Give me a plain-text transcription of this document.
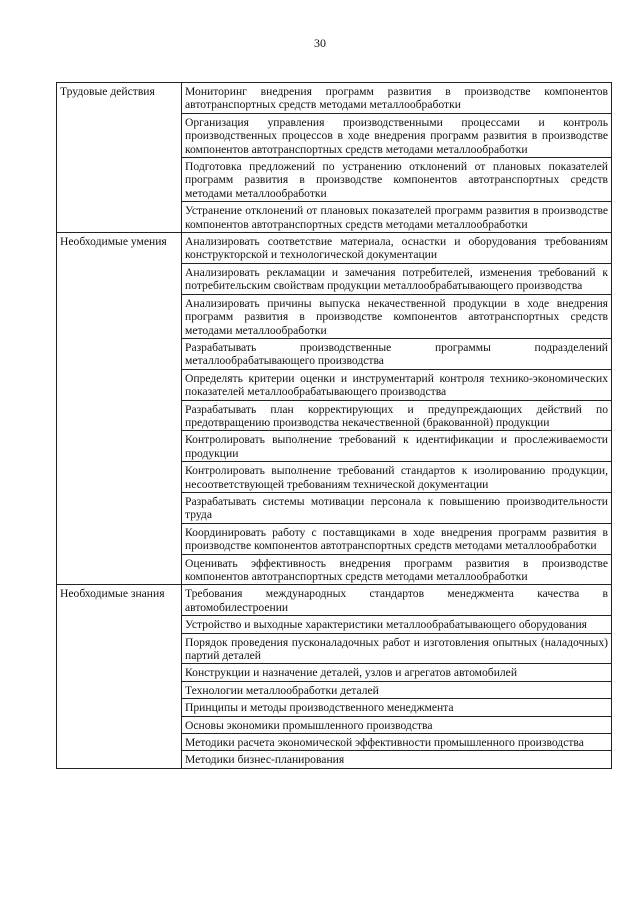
30
Трудовые действия	Мониторинг внедрения программ развития в производстве компонентов автотранспортных средств методами металлообработки
	Организация управления производственными процессами и контроль производственных процессов в ходе внедрения программ развития в производстве компонентов автотранспортных средств методами металлообработки
	Подготовка предложений по устранению отклонений от плановых показателей программ развития в производстве компонентов автотранспортных средств методами металлообработки
	Устранение отклонений от плановых показателей программ развития в производстве компонентов автотранспортных средств методами металлообработки
Необходимые умения	Анализировать соответствие материала, оснастки и оборудования требованиям конструкторской и технологической документации
	Анализировать рекламации и замечания потребителей, изменения требований к потребительским свойствам продукции металлообрабатывающего производства
	Анализировать причины выпуска некачественной продукции в ходе внедрения программ развития в производстве компонентов автотранспортных средств методами металлообработки
	Разрабатывать производственные программы подразделений металлообрабатывающего производства
	Определять критерии оценки и инструментарий контроля технико-экономических показателей металлообрабатывающего производства
	Разрабатывать план корректирующих и предупреждающих действий по предотвращению производства некачественной (бракованной) продукции
	Контролировать выполнение требований к идентификации и прослеживаемости продукции
	Контролировать выполнение требований стандартов к изолированию продукции, несоответствующей требованиям технической документации
	Разрабатывать системы мотивации персонала к повышению производительности труда
	Координировать работу с поставщиками в ходе внедрения программ развития в производстве компонентов автотранспортных средств методами металлообработки
	Оценивать эффективность внедрения программ развития в производстве компонентов автотранспортных средств методами металлообработки
Необходимые знания	Требования международных стандартов менеджмента качества в автомобилестроении
	Устройство и выходные характеристики металлообрабатывающего оборудования
	Порядок проведения пусконаладочных работ и изготовления опытных (наладочных) партий деталей
	Конструкции и назначение деталей, узлов и агрегатов автомобилей
	Технологии металлообработки деталей
	Принципы и методы производственного менеджмента
	Основы экономики промышленного производства
	Методики расчета экономической эффективности промышленного производства
	Методики бизнес-планирования
